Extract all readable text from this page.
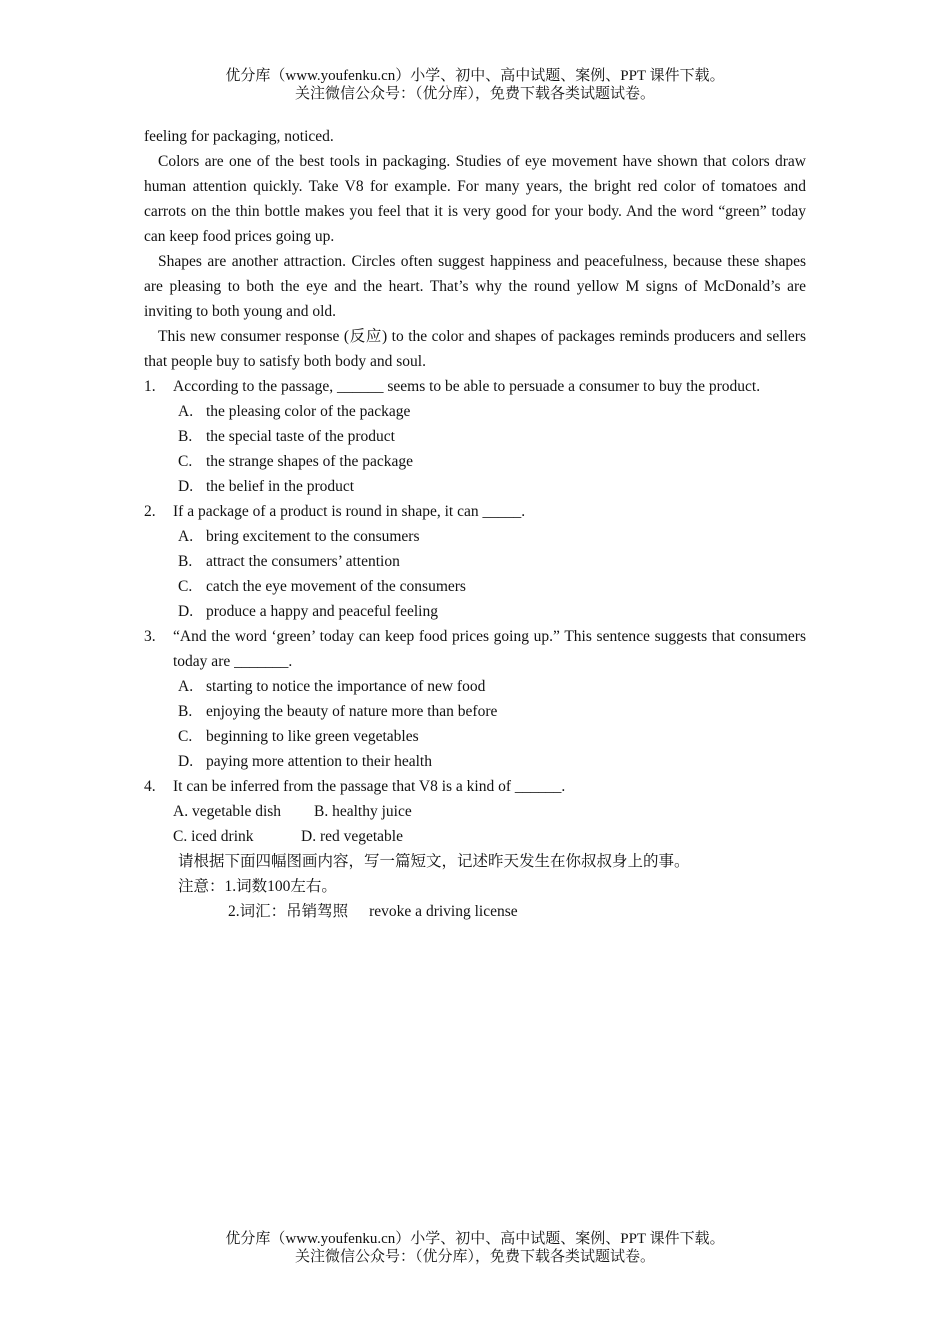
优分库（www.youfenku.cn）小学、初中、高中试题、案例、PPT 课件下载。
关注微信公众号：（优分库），免费下载各类试题试卷。
feeling for packaging, noticed.
Colors are one of the best tools in packaging. Studies of eye movement have shown that colors draw human attention quickly. Take V8 for example. For many years, the bright red color of tomatoes and carrots on the thin bottle makes you feel that it is very good for your body. And the word “green” today can keep food prices going up.
Shapes are another attraction. Circles often suggest happiness and peacefulness, because these shapes are pleasing to both the eye and the heart. That’s why the round yellow M signs of McDonald’s are inviting to both young and old.
This new consumer response (反应) to the color and shapes of packages reminds producers and sellers that people buy to satisfy both body and soul.
1. According to the passage, ______ seems to be able to persuade a consumer to buy the product.
A. the pleasing color of the package
B. the special taste of the product
C. the strange shapes of the package
D. the belief in the product
2. If a package of a product is round in shape, it can _____.
A. bring excitement to the consumers
B. attract the consumers’ attention
C. catch the eye movement of the consumers
D. produce a happy and peaceful feeling
3. “And the word ‘green’ today can keep food prices going up.” This sentence suggests that consumers today are _______.
A. starting to notice the importance of new food
B. enjoying the beauty of nature more than before
C. beginning to like green vegetables
D. paying more attention to their health
4. It can be inferred from the passage that V8 is a kind of ______.
A. vegetable dish B. healthy juice
C. iced drink	D. red vegetable
请根据下面四幅图画内容，写一篇短文，记述昨天发生在你叔叔身上的事。
注意：1.词数100左右。
2.词汇：吊销驾照 revoke a driving license
优分库（www.youfenku.cn）小学、初中、高中试题、案例、PPT 课件下载。
关注微信公众号：（优分库），免费下载各类试题试卷。
